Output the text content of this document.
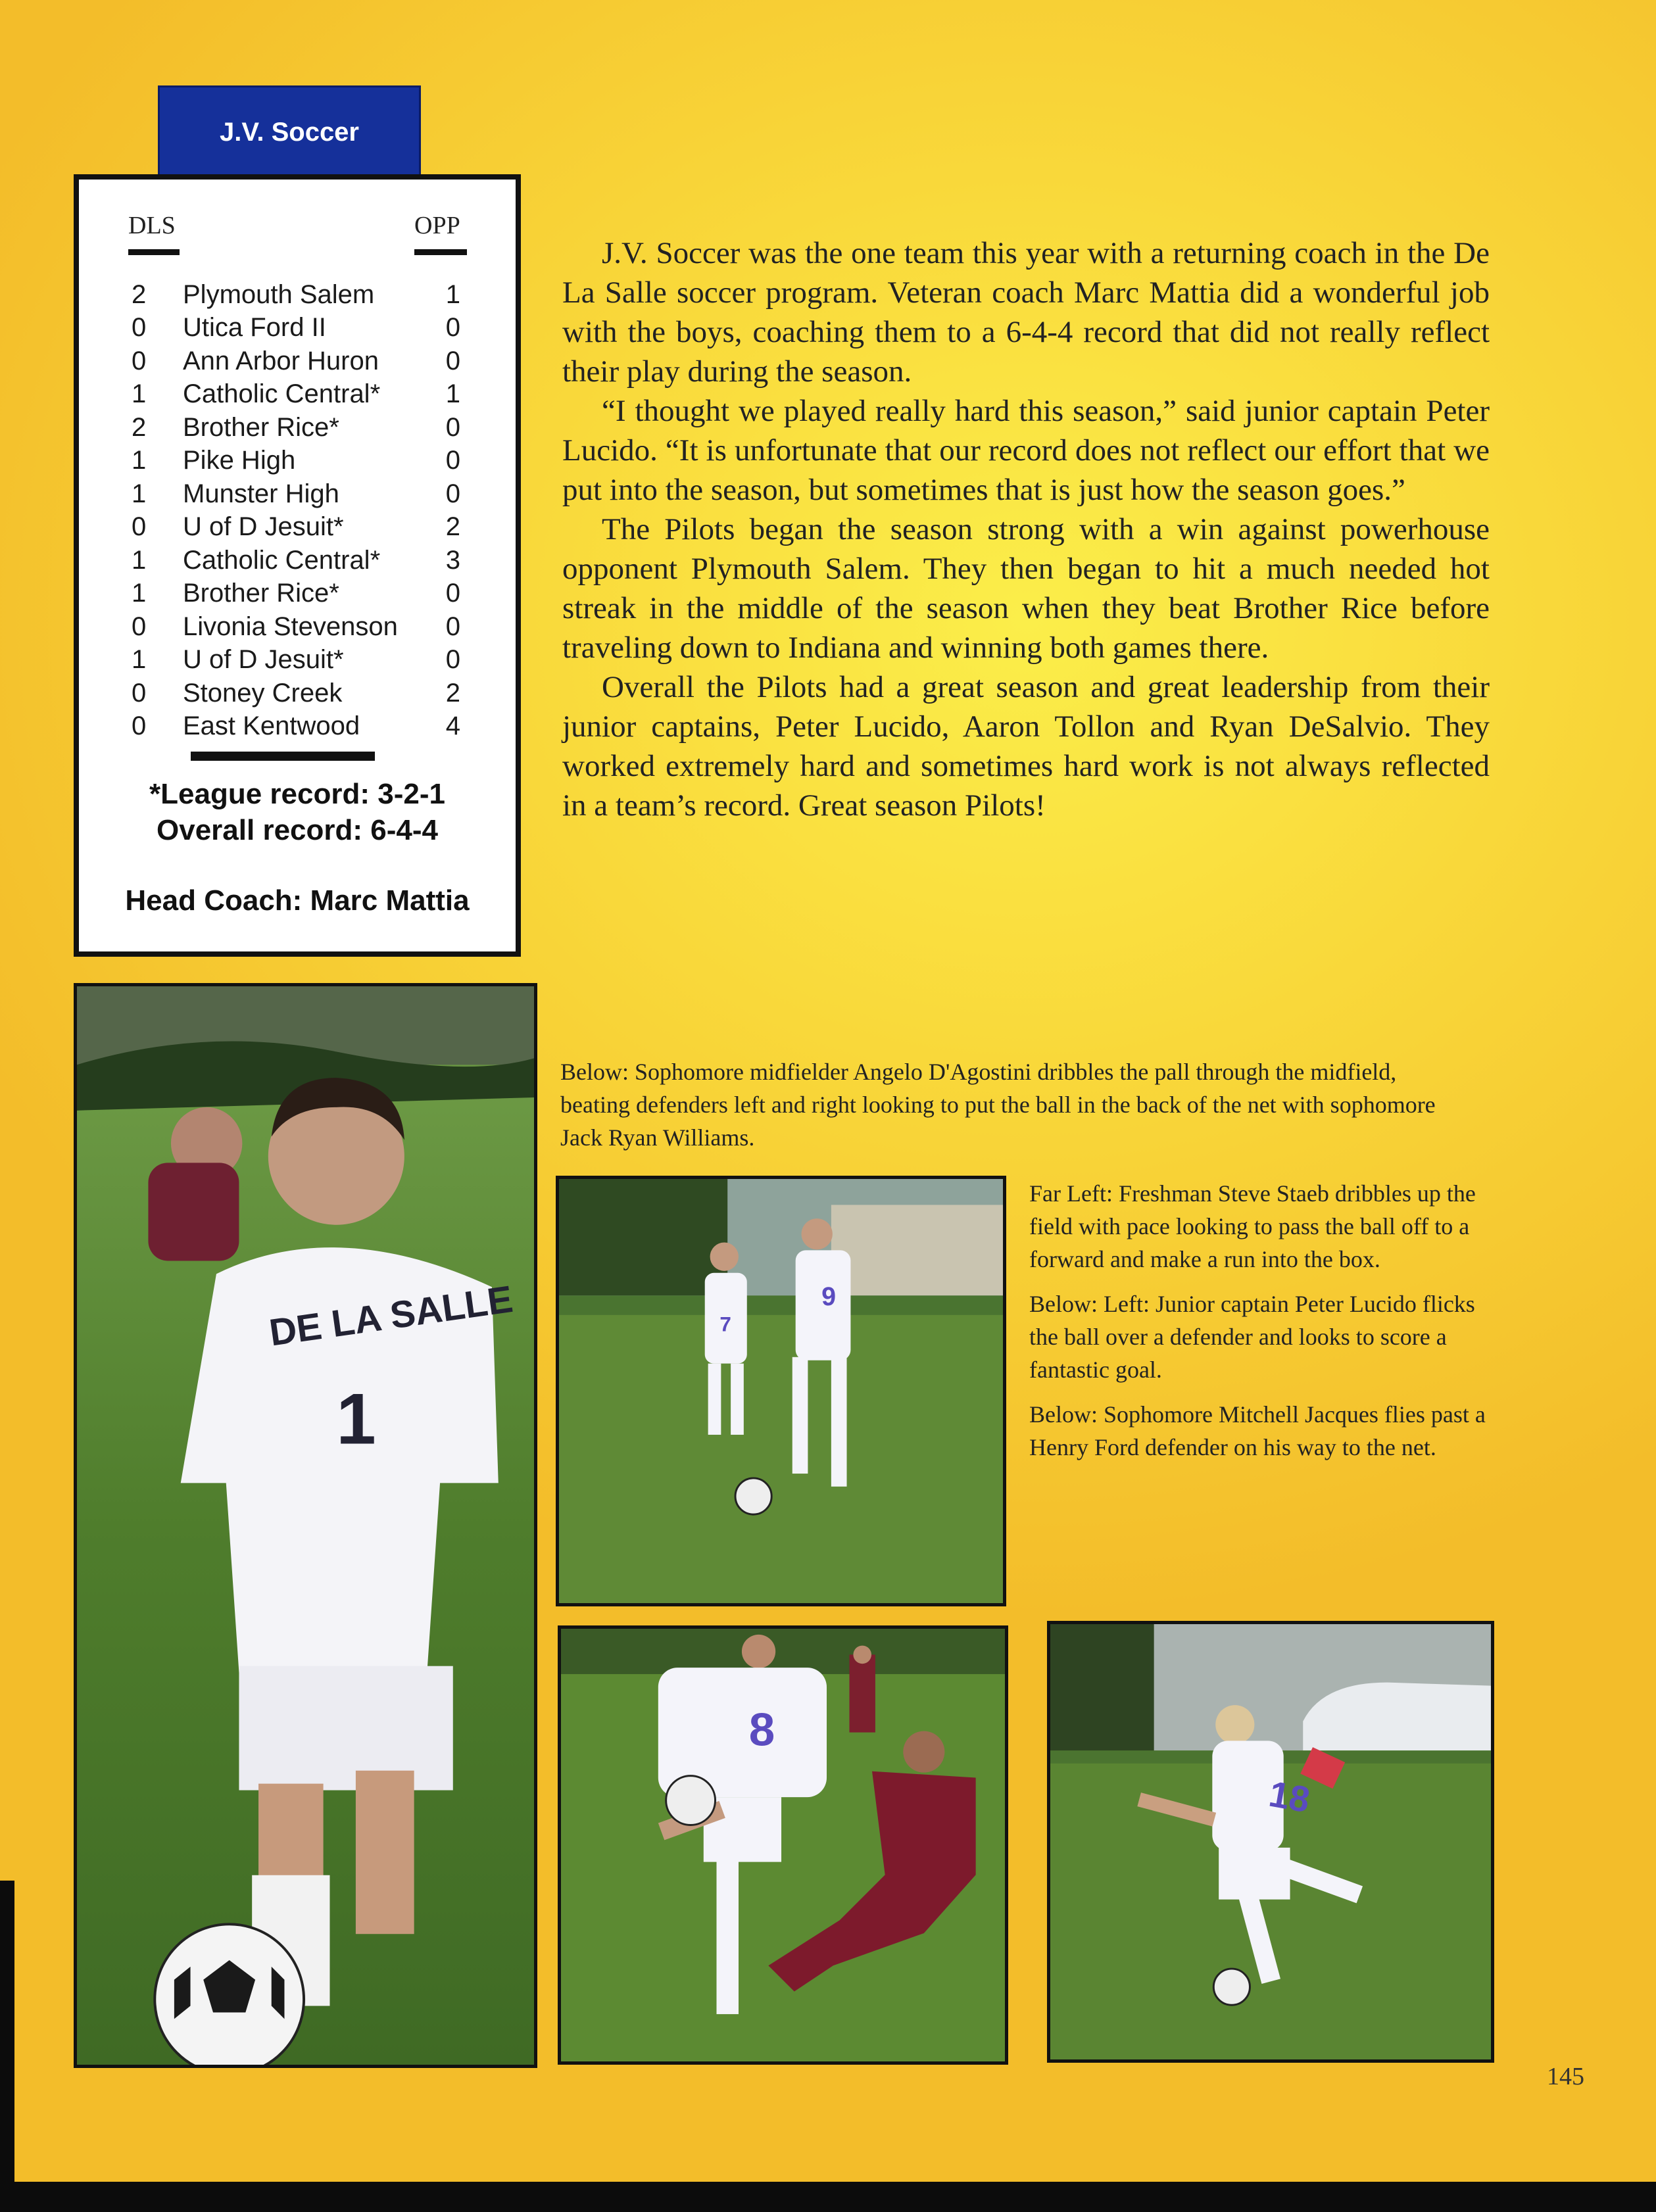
J.V. Soccer
DLS	OPP
2	Plymouth Salem	1
0	Utica Ford II	0
0	Ann Arbor Huron	0
1	Catholic Central*	1
2	Brother Rice*	0
1	Pike High	0
1	Munster High	0
0	U of D Jesuit*	2
1	Catholic Central*	3
1	Brother Rice*	0
0	Livonia Stevenson	0
1	U of D Jesuit*	0
0	Stoney Creek	2
0	East Kentwood	4
*League record: 3-2-1
Overall record: 6-4-4
Head Coach: Marc Mattia

J.V. Soccer was the one team this year with a returning coach in the De La Salle soccer program. Veteran coach Marc Mattia did a wonderful job with the boys, coaching them to a 6-4-4 record that did not really reflect their play during the season.

“I thought we played really hard this season,” said junior captain Peter Lucido. “It is unfortunate that our record does not reflect our effort that we put into the season, but sometimes that is just how the season goes.”

The Pilots began the season strong with a win against powerhouse opponent Plymouth Salem. They then began to hit a much needed hot streak in the middle of the season when they beat Brother Rice before traveling down to Indiana and winning both games there.

Overall the Pilots had a great season and great leadership from their junior captains, Peter Lucido, Aaron Tollon and Ryan DeSalvio. They worked extremely hard and sometimes hard work is not always reflected in a team’s record. Great season Pilots!

Below: Sophomore midfielder Angelo D'Agostini dribbles the pall through the midfield, beating defenders left and right looking to put the ball in the back of the net with sophomore Jack Ryan Williams.

Far Left: Freshman Steve Staeb dribbles up the field with pace looking to pass the ball off to a forward and make a run into the box.

Below: Left: Junior captain Peter Lucido flicks the ball over a defender and looks to score a fantastic goal.

Below: Sophomore Mitchell Jacques flies past a Henry Ford defender on his way to the net.

DE LA SALLE
1
7
9
8
18
145
